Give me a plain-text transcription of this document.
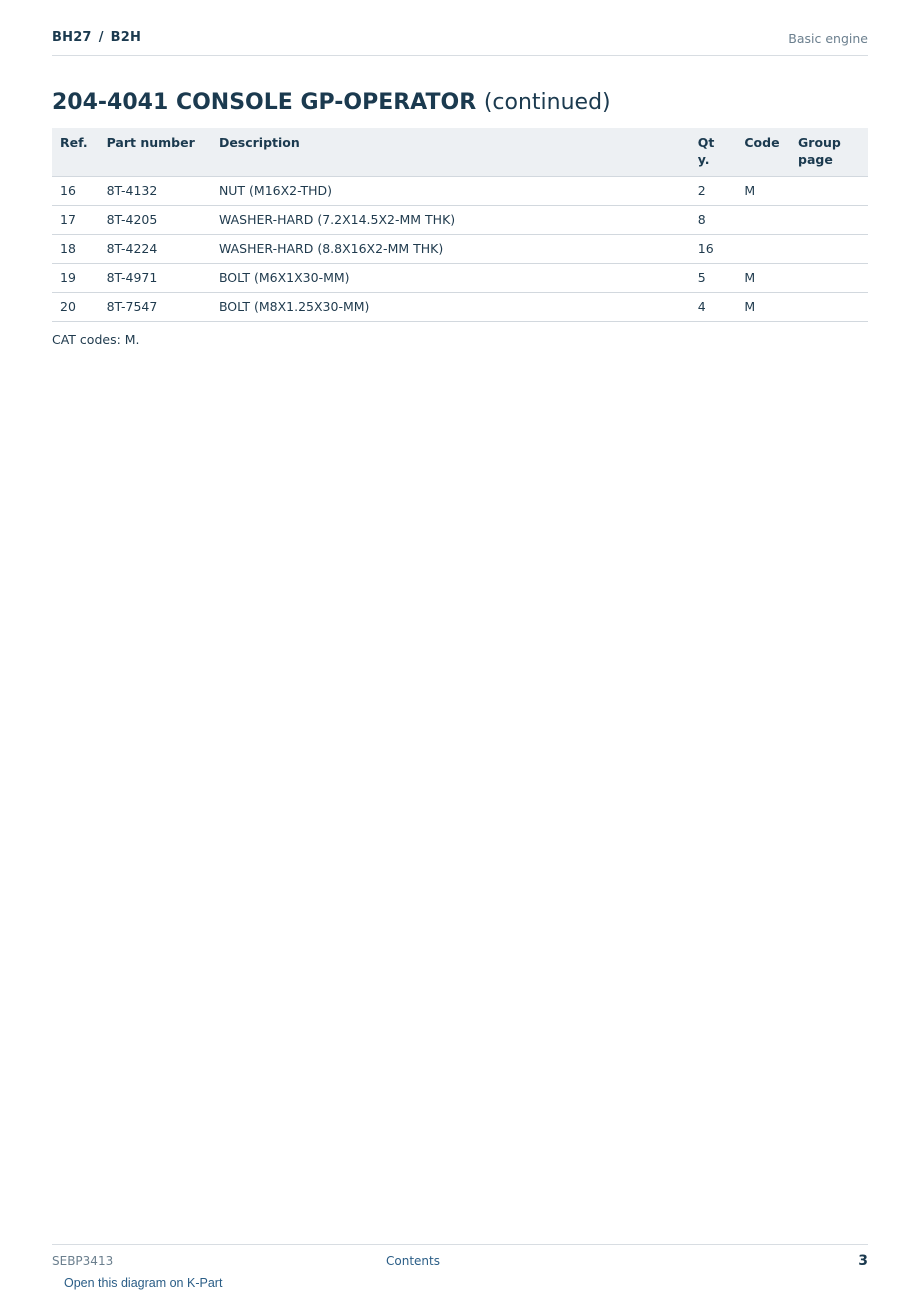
BH27 / B2H	Basic engine
204-4041 CONSOLE GP-OPERATOR (continued)
Ref.	Part number	Description	Qty.	Code	Group page
16	8T-4132	NUT (M16X2-THD)	2	M	
17	8T-4205	WASHER-HARD (7.2X14.5X2-MM THK)	8		
18	8T-4224	WASHER-HARD (8.8X16X2-MM THK)	16		
19	8T-4971	BOLT (M6X1X30-MM)	5	M	
20	8T-7547	BOLT (M8X1.25X30-MM)	4	M	
CAT codes: M.
SEBP3413	Contents	3
Open this diagram on K-Part
